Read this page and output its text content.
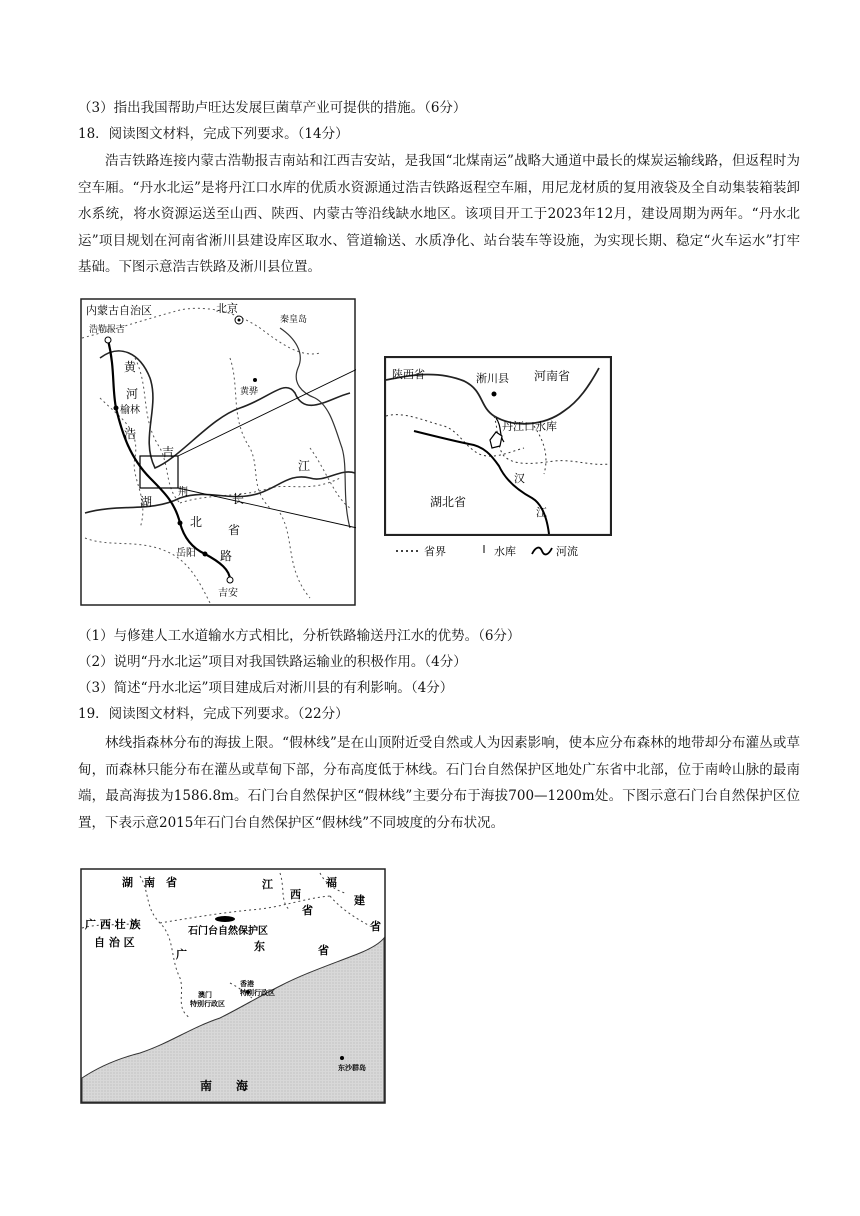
（3）指出我国帮助卢旺达发展巨菌草产业可提供的措施。（6分）
18．阅读图文材料，完成下列要求。（14分）
浩吉铁路连接内蒙古浩勒报吉南站和江西吉安站，是我国“北煤南运”战略大通道中最长的煤炭运输线路，但返程时为空车厢。“丹水北运”是将丹江口水库的优质水资源通过浩吉铁路返程空车厢，用尼龙材质的复用液袋及全自动集装箱装卸水系统，将水资源运送至山西、陕西、内蒙古等沿线缺水地区。该项目开工于2023年12月，建设周期为两年。“丹水北运”项目规划在河南省淅川县建设库区取水、管道输送、水质净化、站台装车等设施，为实现长期、稳定“火车运水”打牢基础。下图示意浩吉铁路及淅川县位置。
内蒙古自治区
浩勒报吉
北京
秦皇岛
黄骅
榆林
黄
浩
河
吉
湖
荆
北
长
江
省
岳阳 路
吉安
陕西省	淅川县 河南省
丹江口水库
湖北省
汉
江
省界	水库	河流
（1）与修建人工水道输水方式相比，分析铁路输送丹江水的优势。（6分）
（2）说明“丹水北运”项目对我国铁路运输业的积极作用。（4分）
（3）简述“丹水北运”项目建成后对淅川县的有利影响。（4分）
19．阅读图文材料，完成下列要求。（22分）
林线指森林分布的海拔上限。“假林线”是在山顶附近受自然或人为因素影响，使本应分布森林的地带却分布灌丛或草甸，而森林只能分布在灌丛或草甸下部，分布高度低于林线。石门台自然保护区地处广东省中北部，位于南岭山脉的最南端，最高海拔为1586.8m。石门台自然保护区“假林线”主要分布于海拔700—1200m处。下图示意石门台自然保护区位置，下表示意2015年石门台自然保护区“假林线”不同坡度的分布状况。
湖　南　省	江
西
省
福
建
省
广 西 壮 族
自 治 区
石门台自然保护区
广
东	省
香港
特别行政区
澳门
特别行政区
南　　海
东沙群岛
